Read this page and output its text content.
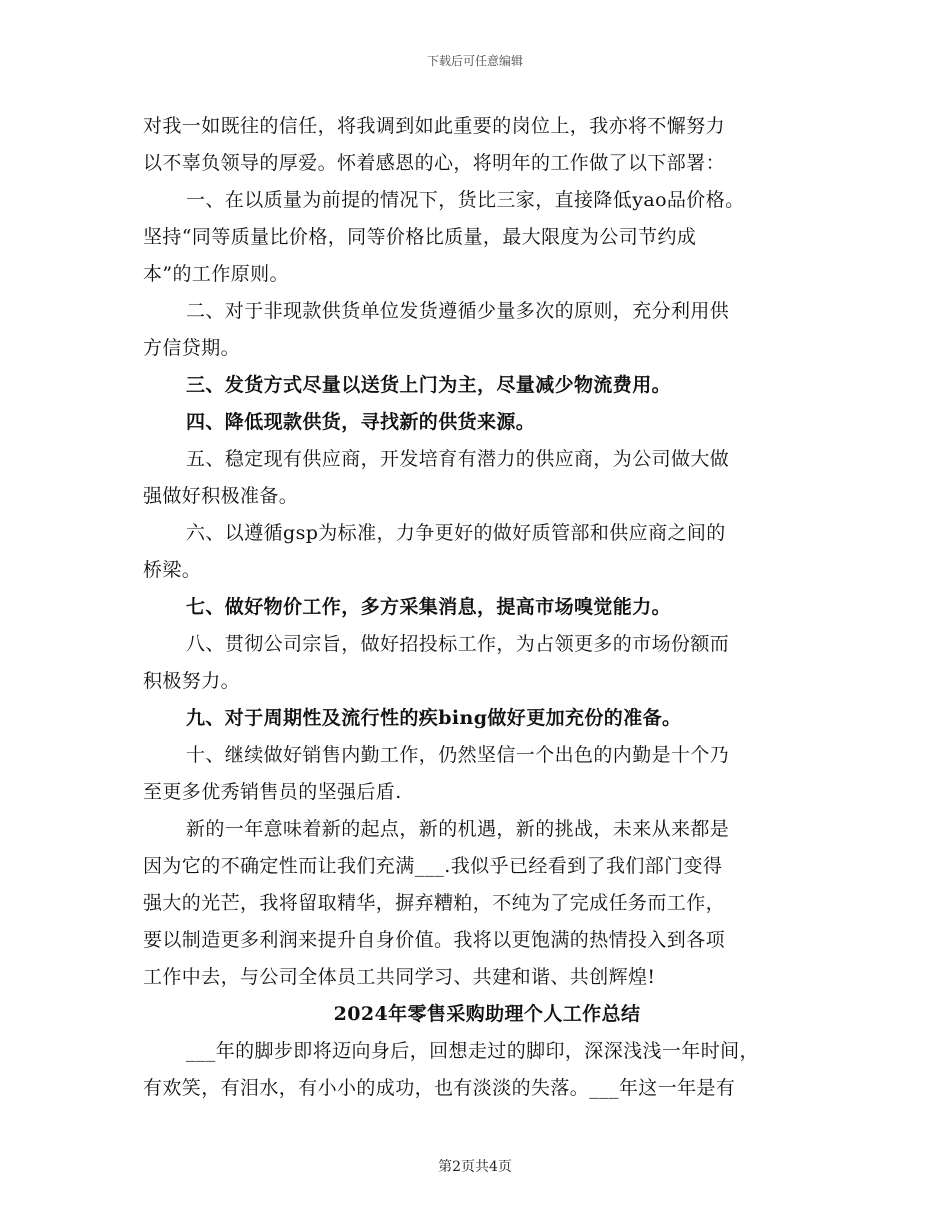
下载后可任意编辑
对我一如既往的信任，将我调到如此重要的岗位上，我亦将不懈努力
以不辜负领导的厚爱。怀着感恩的心，将明年的工作做了以下部署：
一、在以质量为前提的情况下，货比三家，直接降低yao品价格。
坚持“同等质量比价格，同等价格比质量，最大限度为公司节约成
本”的工作原则。
二、对于非现款供货单位发货遵循少量多次的原则，充分利用供
方信贷期。
三、发货方式尽量以送货上门为主，尽量减少物流费用。
四、降低现款供货，寻找新的供货来源。
五、稳定现有供应商，开发培育有潜力的供应商，为公司做大做
强做好积极准备。
六、以遵循gsp为标准，力争更好的做好质管部和供应商之间的
桥梁。
七、做好物价工作，多方采集消息，提高市场嗅觉能力。
八、贯彻公司宗旨，做好招投标工作，为占领更多的市场份额而
积极努力。
九、对于周期性及流行性的疾bing做好更加充份的准备。
十、继续做好销售内勤工作，仍然坚信一个出色的内勤是十个乃
至更多优秀销售员的坚强后盾.
新的一年意味着新的起点，新的机遇，新的挑战，未来从来都是
因为它的不确定性而让我们充满___.我似乎已经看到了我们部门变得
强大的光芒，我将留取精华，摒弃糟粕，不纯为了完成任务而工作，
要以制造更多利润来提升自身价值。我将以更饱满的热情投入到各项
工作中去，与公司全体员工共同学习、共建和谐、共创辉煌!
2024年零售采购助理个人工作总结
___年的脚步即将迈向身后，回想走过的脚印，深深浅浅一年时间，
有欢笑，有泪水，有小小的成功，也有淡淡的失落。___年这一年是有
第2页共4页
